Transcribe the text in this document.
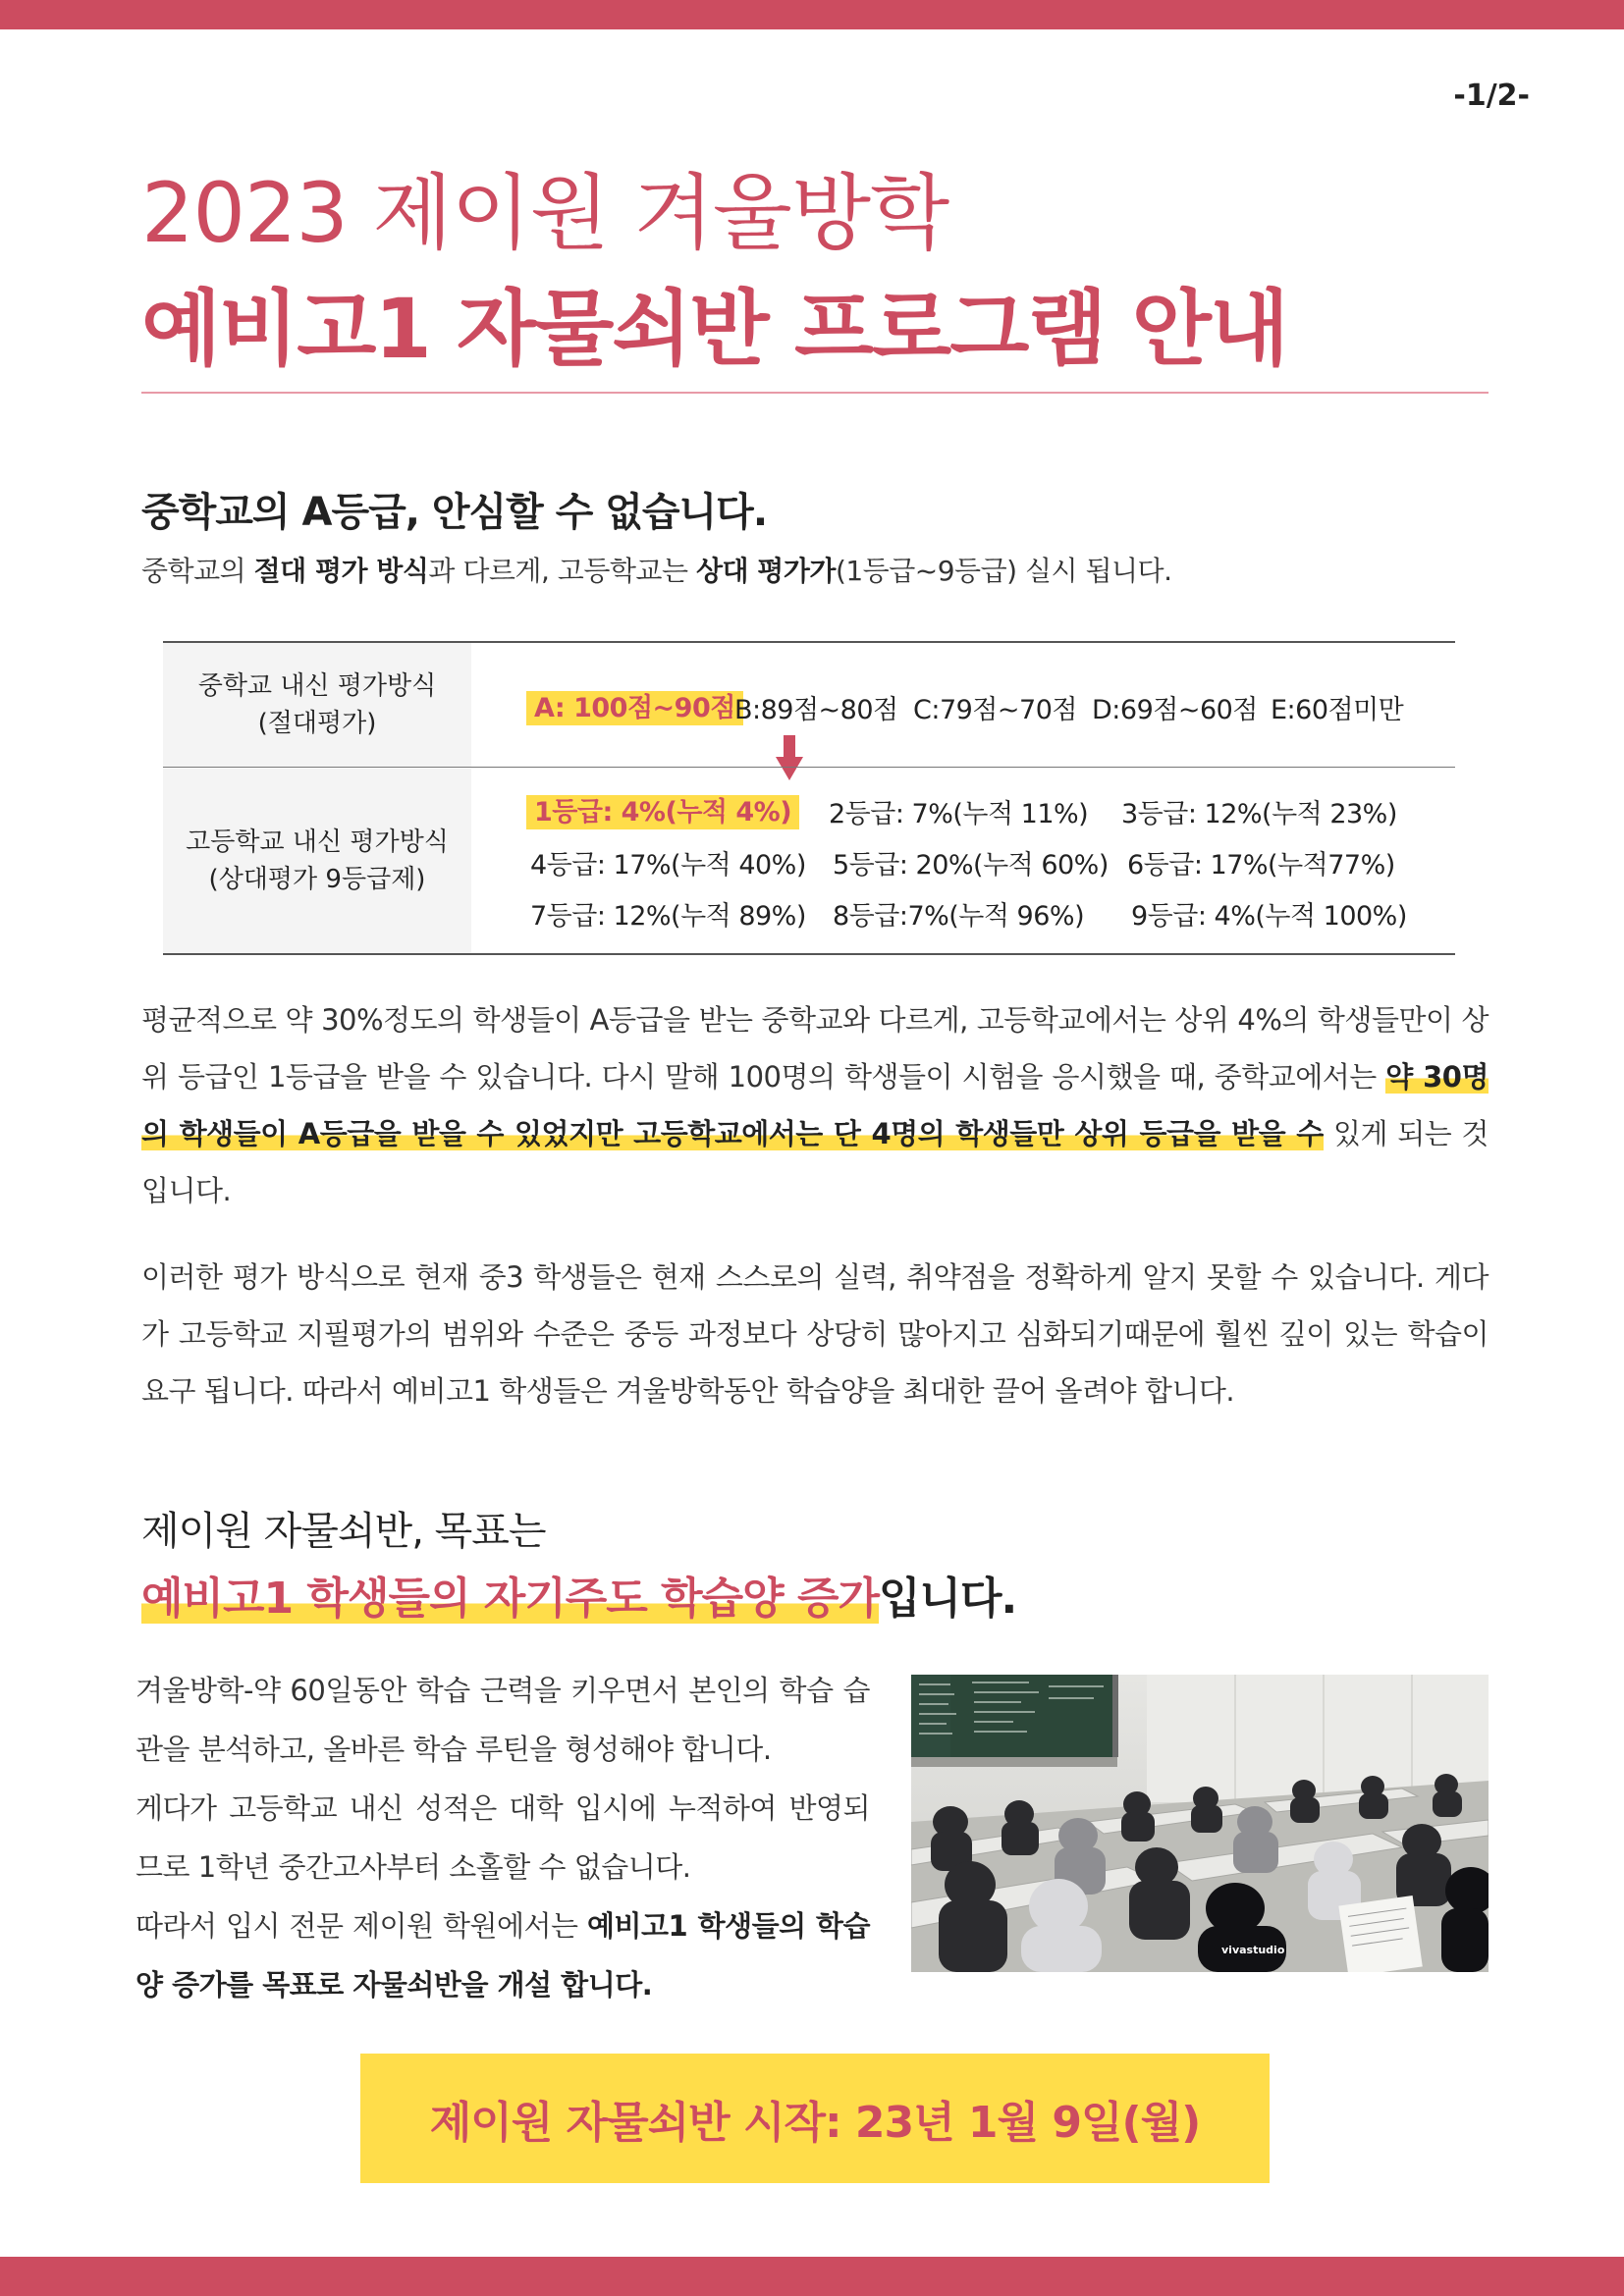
-1/2-
2023 제이원 겨울방학
예비고1 자물쇠반 프로그램 안내
중학교의 A등급, 안심할 수 없습니다.
중학교의 절대 평가 방식과 다르게, 고등학교는 상대 평가가(1등급~9등급) 실시 됩니다.
중학교 내신 평가방식
(절대평가)	A: 100점~90점 B:89점~80점 C:79점~70점 D:69점~60점 E:60점미만
고등학교 내신 평가방식
(상대평가 9등급제)
1등급: 4%(누적 4%) 2등급: 7%(누적 11%) 3등급: 12%(누적 23%)
4등급: 17%(누적 40%) 5등급: 20%(누적 60%) 6등급: 17%(누적77%)
7등급: 12%(누적 89%) 8등급:7%(누적 96%) 9등급: 4%(누적 100%)
평균적으로 약 30%정도의 학생들이 A등급을 받는 중학교와 다르게, 고등학교에서는 상위 4%의 학생들만이 상위 등급인 1등급을 받을 수 있습니다. 다시 말해 100명의 학생들이 시험을 응시했을 때, 중학교에서는 약 30명의 학생들이 A등급을 받을 수 있었지만 고등학교에서는 단 4명의 학생들만 상위 등급을 받을 수 있게 되는 것입니다.
이러한 평가 방식으로 현재 중3 학생들은 현재 스스로의 실력, 취약점을 정확하게 알지 못할 수 있습니다. 게다가 고등학교 지필평가의 범위와 수준은 중등 과정보다 상당히 많아지고 심화되기때문에 훨씬 깊이 있는 학습이 요구 됩니다. 따라서 예비고1 학생들은 겨울방학동안 학습양을 최대한 끌어 올려야 합니다.
제이원 자물쇠반, 목표는
예비고1 학생들의 자기주도 학습양 증가입니다.

겨울방학-약 60일동안 학습 근력을 키우면서 본인의 학습 습관을 분석하고, 올바른 학습 루틴을 형성해야 합니다.

게다가 고등학교 내신 성적은 대학 입시에 누적하여 반영되므로 1학년 중간고사부터 소홀할 수 없습니다.

따라서 입시 전문 제이원 학원에서는 예비고1 학생들의 학습양 증가를 목표로 자물쇠반을 개설 합니다.

vivastudio
제이원 자물쇠반 시작: 23년 1월 9일(월)
